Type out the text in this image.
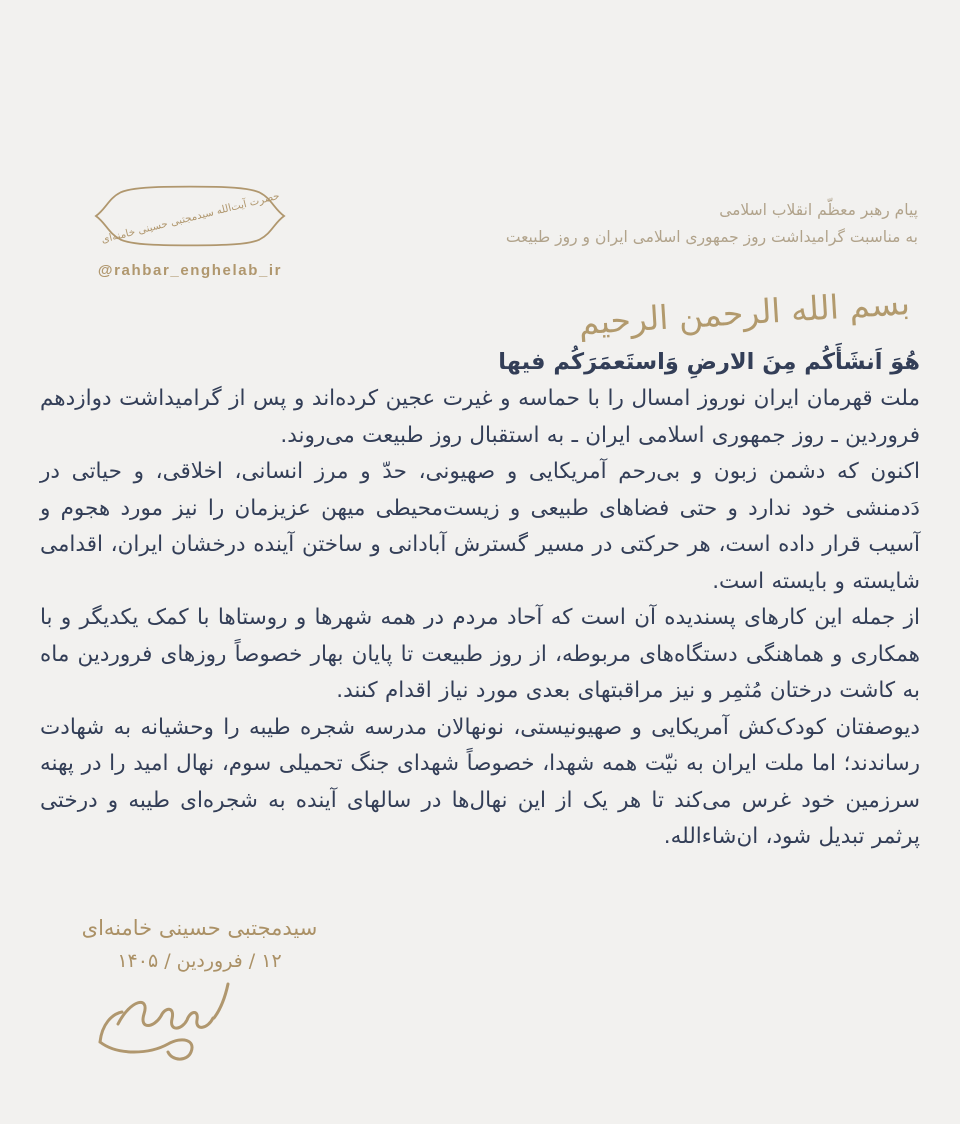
پیام رهبر معظّم انقلاب اسلامی
به مناسبت گرامیداشت روز جمهوری اسلامی ایران و روز طبیعت
حضرت آیت‌الله سیدمجتبی حسینی خامنه‌ای
@rahbar_enghelab_ir
بسم الله الرحمن الرحیم

هُوَ اَنشَأَکُم مِنَ الارضِ وَاستَعمَرَکُم فیها

ملت قهرمان ایران نوروز امسال را با حماسه و غیرت عجین کرده‌اند و پس از گرامیداشت دوازدهم فروردین ـ روز جمهوری اسلامی ایران ـ به استقبال روز طبیعت می‌روند.

اکنون که دشمن زبون و بی‌رحم آمریکایی و صهیونی، حدّ و مرز انسانی، اخلاقی، و حیاتی در دَدمنشی خود ندارد و حتی فضاهای طبیعی و زیست‌محیطی میهن عزیزمان را نیز مورد هجوم و آسیب قرار داده است، هر حرکتی در مسیر گسترش آبادانی و ساختن آینده درخشان ایران، اقدامی شایسته و بایسته است.

از جمله این کارهای پسندیده آن است که آحاد مردم در همه شهرها و روستاها با کمک یکدیگر و با همکاری و هماهنگی دستگاه‌های مربوطه، از روز طبیعت تا پایان بهار خصوصاً روزهای فروردین ماه به کاشت درختان مُثمِر و نیز مراقبتهای بعدی مورد نیاز اقدام کنند.

دیوصفتان کودک‌کش آمریکایی و صهیونیستی، نونهالان مدرسه شجره طیبه را وحشیانه به شهادت رساندند؛ اما ملت ایران به نیّت همه شهدا، خصوصاً شهدای جنگ تحمیلی سوم، نهال امید را در پهنه سرزمین خود غرس می‌کند تا هر یک از این نهال‌ها در سالهای آینده به شجره‌ای طیبه و درختی پرثمر تبدیل شود، ان‌شاءالله.

سیدمجتبی حسینی خامنه‌ای
۱۲ / فروردین / ۱۴۰۵
